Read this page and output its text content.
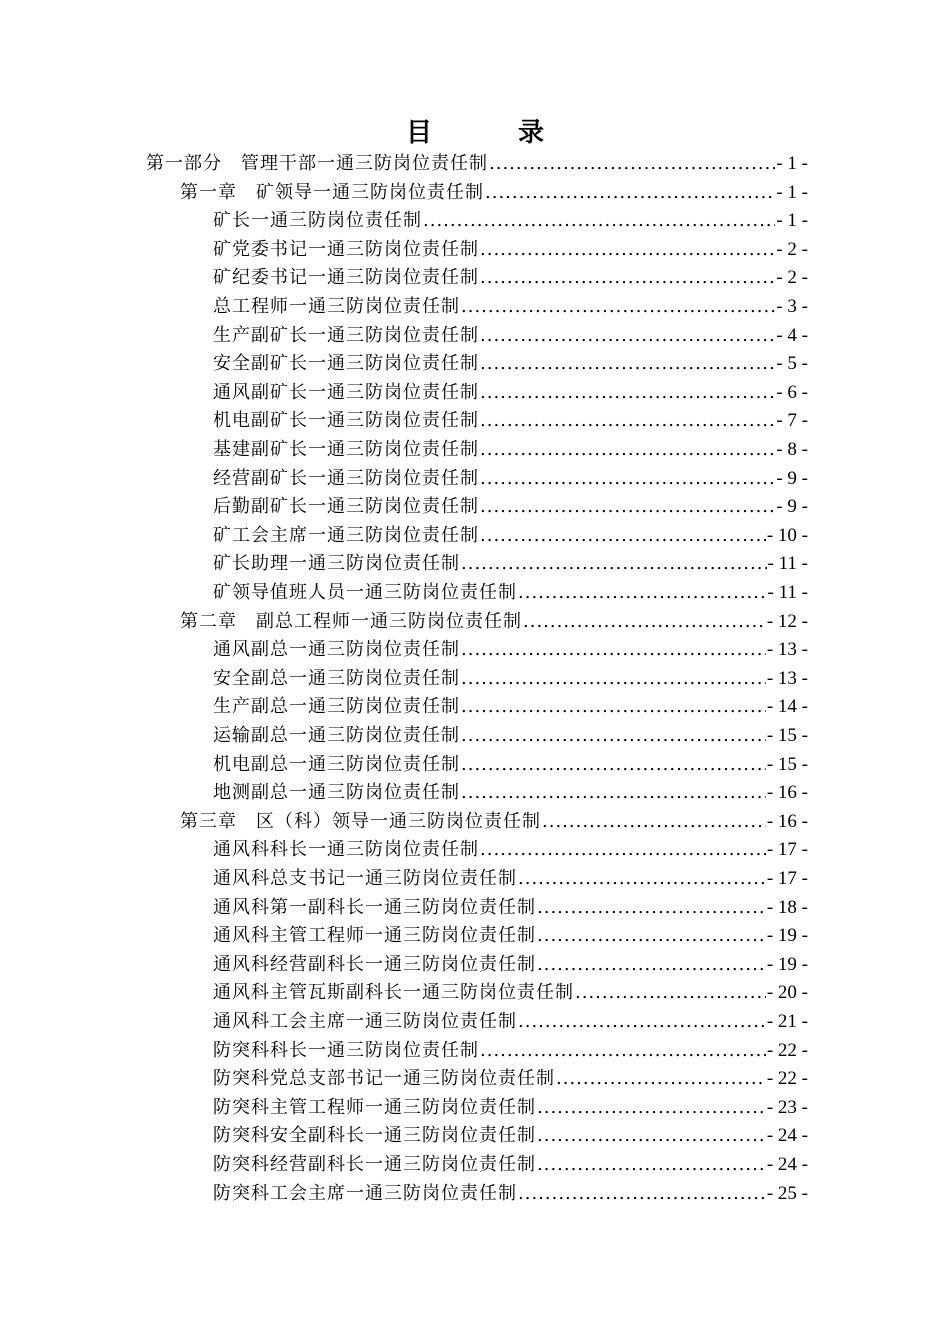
目　录
第一部分　管理干部一通三防岗位责任制 .....	- 1 -
第一章　矿领导一通三防岗位责任制 .....	- 1 -
矿长一通三防岗位责任制 .....	- 1 -
矿党委书记一通三防岗位责任制 .....	- 2 -
矿纪委书记一通三防岗位责任制 .....	- 2 -
总工程师一通三防岗位责任制 .....	- 3 -
生产副矿长一通三防岗位责任制 .....	- 4 -
安全副矿长一通三防岗位责任制 .....	- 5 -
通风副矿长一通三防岗位责任制 .....	- 6 -
机电副矿长一通三防岗位责任制 .....	- 7 -
基建副矿长一通三防岗位责任制 .....	- 8 -
经营副矿长一通三防岗位责任制 .....	- 9 -
后勤副矿长一通三防岗位责任制 .....	- 9 -
矿工会主席一通三防岗位责任制 .....	- 10 -
矿长助理一通三防岗位责任制 .....	- 11 -
矿领导值班人员一通三防岗位责任制 .....	- 11 -
第二章　副总工程师一通三防岗位责任制 .....	- 12 -
通风副总一通三防岗位责任制 .....	- 13 -
安全副总一通三防岗位责任制 .....	- 13 -
生产副总一通三防岗位责任制 .....	- 14 -
运输副总一通三防岗位责任制 .....	- 15 -
机电副总一通三防岗位责任制 .....	- 15 -
地测副总一通三防岗位责任制 .....	- 16 -
第三章　区（科）领导一通三防岗位责任制 .....	- 16 -
通风科科长一通三防岗位责任制 .....	- 17 -
通风科总支书记一通三防岗位责任制 .....	- 17 -
通风科第一副科长一通三防岗位责任制 .....	- 18 -
通风科主管工程师一通三防岗位责任制 .....	- 19 -
通风科经营副科长一通三防岗位责任制 .....	- 19 -
通风科主管瓦斯副科长一通三防岗位责任制 .....	- 20 -
通风科工会主席一通三防岗位责任制 .....	- 21 -
防突科科长一通三防岗位责任制 .....	- 22 -
防突科党总支部书记一通三防岗位责任制 .....	- 22 -
防突科主管工程师一通三防岗位责任制 .....	- 23 -
防突科安全副科长一通三防岗位责任制 .....	- 24 -
防突科经营副科长一通三防岗位责任制 .....	- 24 -
防突科工会主席一通三防岗位责任制 .....	- 25 -
